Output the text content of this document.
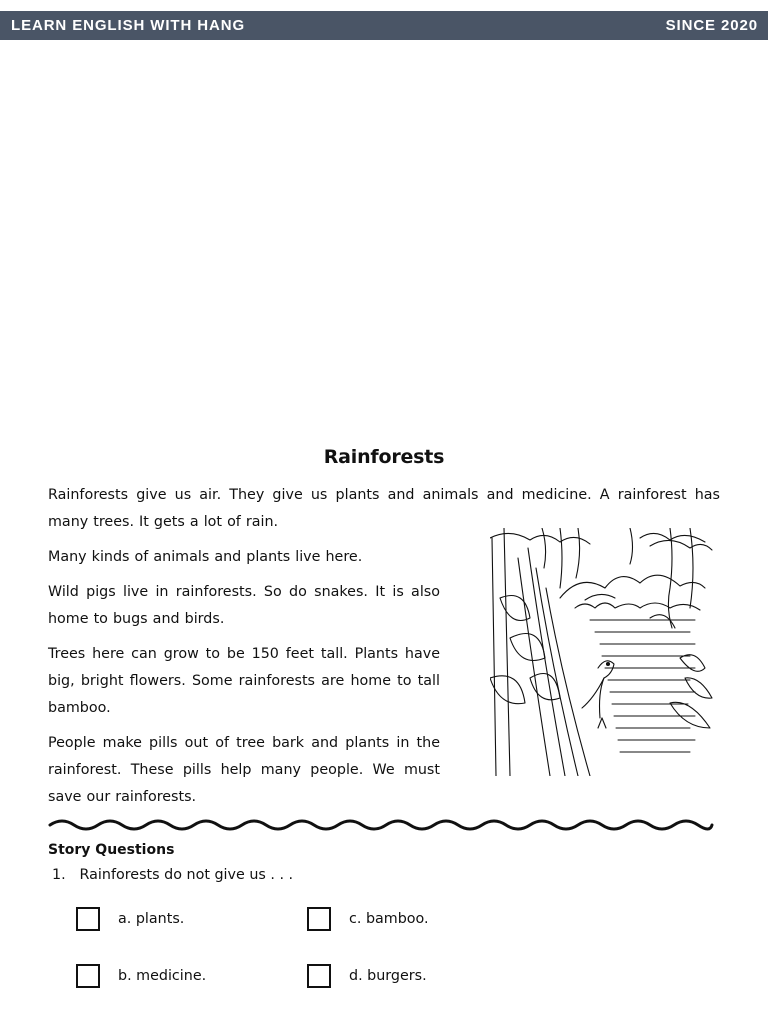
LEARN ENGLISH WITH HANG	SINCE 2020
Rainforests
Rainforests give us air. They give us plants and animals and medicine. A rainforest has many trees. It gets a lot of rain.
Many kinds of animals and plants live here.
Wild pigs live in rainforests. So do snakes. It is also home to bugs and birds.
Trees here can grow to be 150 feet tall. Plants have big, bright flowers. Some rainforests are home to tall bamboo.
People make pills out of tree bark and plants in the rainforest. These pills help many people. We must save our rainforests.
Story Questions
1. Rainforests do not give us . . .
a. plants.
b. medicine.
c. bamboo.
d. burgers.
